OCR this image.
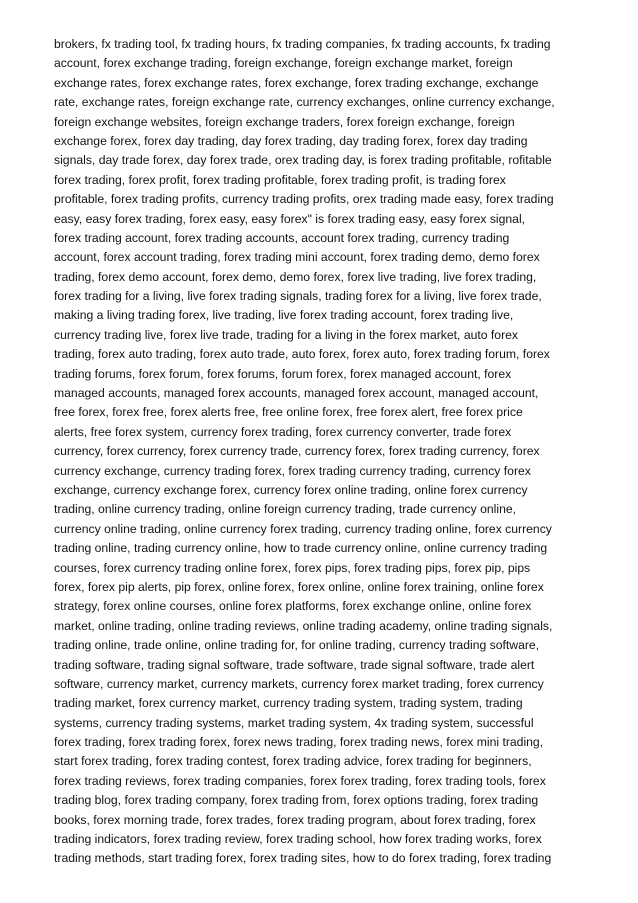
brokers, fx trading tool, fx trading hours, fx trading companies, fx trading accounts, fx trading
account, forex exchange trading, foreign exchange, foreign exchange market, foreign
exchange rates, forex exchange rates, forex exchange, forex trading exchange, exchange
rate, exchange rates, foreign exchange rate, currency exchanges, online currency exchange,
foreign exchange websites, foreign exchange traders, forex foreign exchange, foreign
exchange forex, forex day trading, day forex trading, day trading forex, forex day trading
signals, day trade forex, day forex trade, orex trading day, is forex trading profitable, rofitable
forex trading, forex profit, forex trading profitable, forex trading profit, is trading forex
profitable, forex trading profits, currency trading profits, orex trading made easy, forex trading
easy, easy forex trading, forex easy, easy forex" is forex trading easy, easy forex signal,
forex trading account, forex trading accounts, account forex trading, currency trading
account, forex account trading, forex trading mini account, forex trading demo, demo forex
trading, forex demo account, forex demo, demo forex, forex live trading, live forex trading,
forex trading for a living, live forex trading signals, trading forex for a living, live forex trade,
making a living trading forex, live trading, live forex trading account, forex trading live,
currency trading live, forex live trade, trading for a living in the forex market, auto forex
trading, forex auto trading, forex auto trade, auto forex, forex auto, forex trading forum, forex
trading forums, forex forum, forex forums, forum forex, forex managed account, forex
managed accounts, managed forex accounts, managed forex account, managed account,
free forex, forex free, forex alerts free, free online forex, free forex alert, free forex price
alerts, free forex system, currency forex trading, forex currency converter, trade forex
currency, forex currency, forex currency trade, currency forex, forex trading currency, forex
currency exchange, currency trading forex, forex trading currency trading, currency forex
exchange, currency exchange forex, currency forex online trading, online forex currency
trading, online currency trading, online foreign currency trading, trade currency online,
currency online trading, online currency forex trading, currency trading online, forex currency
trading online, trading currency online, how to trade currency online, online currency trading
courses, forex currency trading online forex, forex pips, forex trading pips, forex pip, pips
forex, forex pip alerts, pip forex, online forex, forex online, online forex training, online forex
strategy, forex online courses, online forex platforms, forex exchange online, online forex
market, online trading, online trading reviews, online trading academy, online trading signals,
trading online, trade online, online trading for, for online trading, currency trading software,
trading software, trading signal software, trade software, trade signal software, trade alert
software, currency market, currency markets, currency forex market trading, forex currency
trading market, forex currency market, currency trading system, trading system, trading
systems, currency trading systems, market trading system, 4x trading system, successful
forex trading, forex trading forex, forex news trading, forex trading news, forex mini trading,
start forex trading, forex trading contest, forex trading advice, forex trading for beginners,
forex trading reviews, forex trading companies, forex forex trading, forex trading tools, forex
trading blog, forex trading company, forex trading from, forex options trading, forex trading
books, forex morning trade, forex trades, forex trading program, about forex trading, forex
trading indicators, forex trading review, forex trading school, how forex trading works, forex
trading methods, start trading forex, forex trading sites, how to do forex trading, forex trading
